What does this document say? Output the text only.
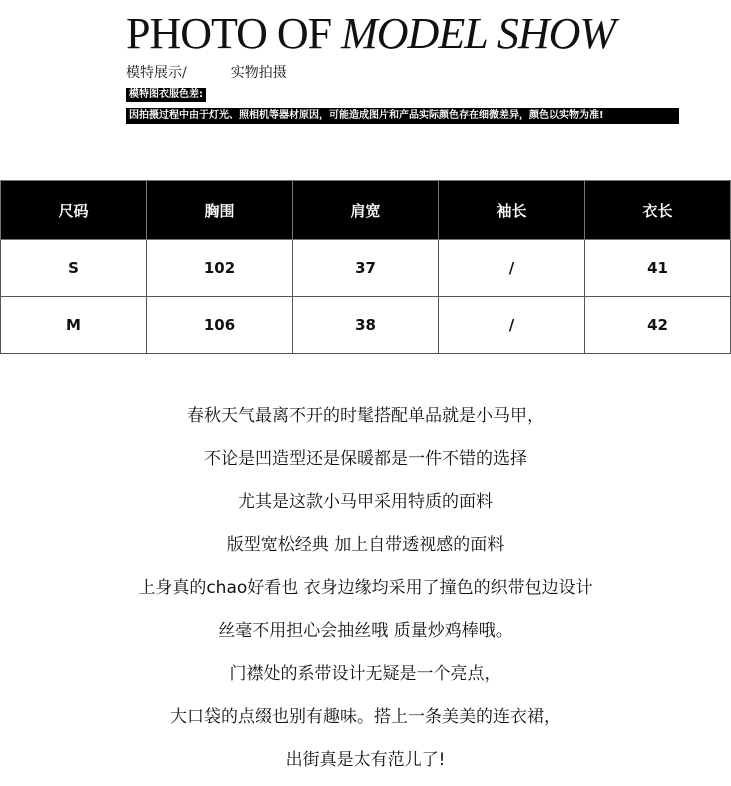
PHOTO OF MODEL SHOW
模特展示/	实物拍摄
模特图衣服色差:
因拍摄过程中由于灯光、照相机等器材原因，可能造成图片和产品实际颜色存在细微差异，颜色以实物为准!
尺码	胸围	肩宽	袖长	衣长
S	102	37	/	41
M	106	38	/	42
春秋天气最离不开的时髦搭配单品就是小马甲，
不论是凹造型还是保暖都是一件不错的选择
尤其是这款小马甲采用特质的面料
版型宽松经典 加上自带透视感的面料
上身真的chao好看也 衣身边缘均采用了撞色的织带包边设计
丝毫不用担心会抽丝哦 质量炒鸡棒哦。
门襟处的系带设计无疑是一个亮点，
大口袋的点缀也别有趣味。搭上一条美美的连衣裙，
出街真是太有范儿了!
